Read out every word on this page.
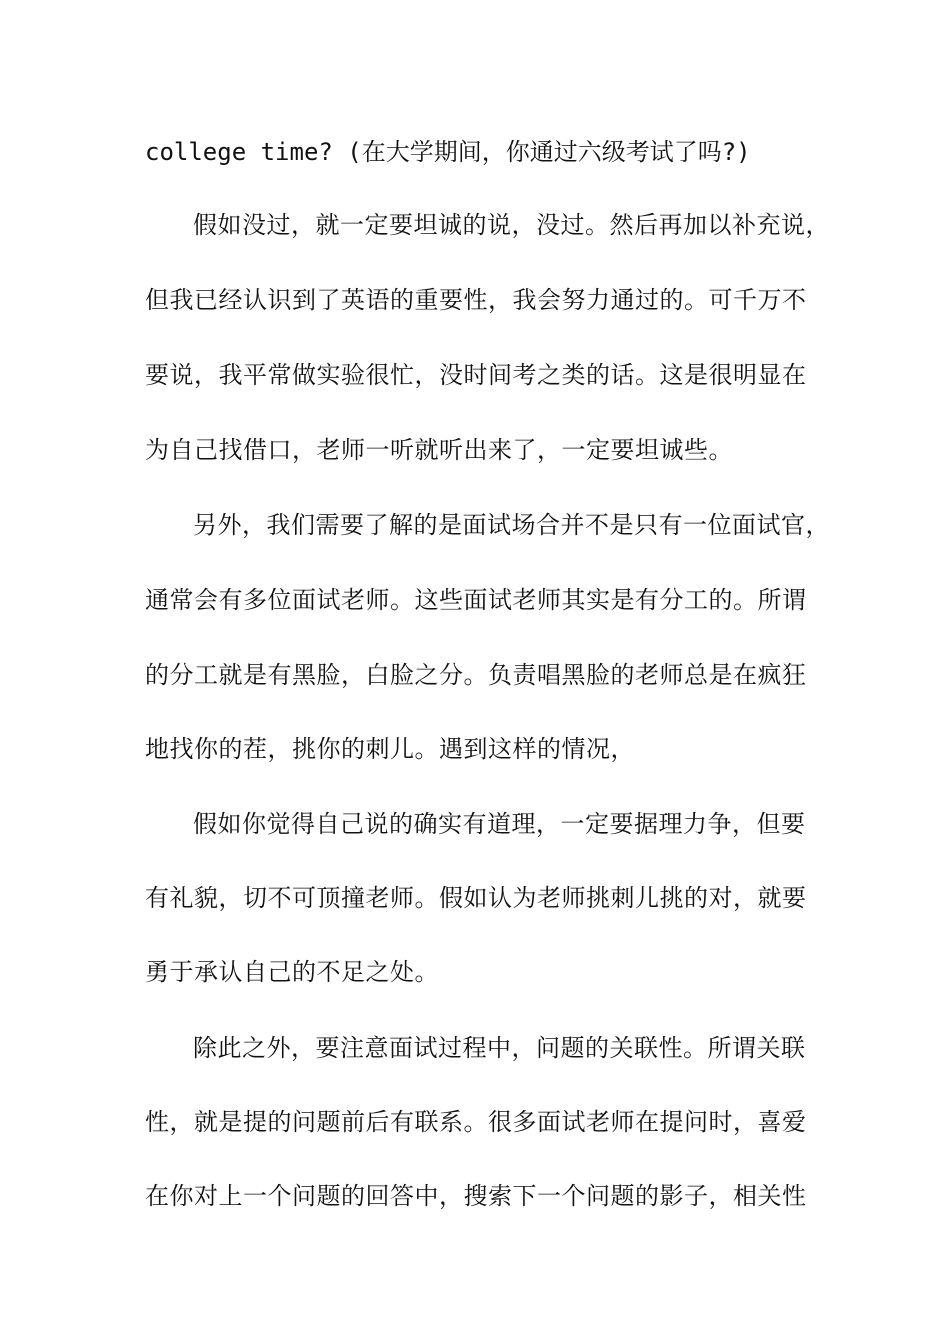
college time? (在大学期间，你通过六级考试了吗?)
假如没过，就一定要坦诚的说，没过。然后再加以补充说，
但我已经认识到了英语的重要性，我会努力通过的。可千万不
要说，我平常做实验很忙，没时间考之类的话。这是很明显在
为自己找借口，老师一听就听出来了，一定要坦诚些。
另外，我们需要了解的是面试场合并不是只有一位面试官，
通常会有多位面试老师。这些面试老师其实是有分工的。所谓
的分工就是有黑脸，白脸之分。负责唱黑脸的老师总是在疯狂
地找你的茬，挑你的刺儿。遇到这样的情况，
假如你觉得自己说的确实有道理，一定要据理力争，但要
有礼貌，切不可顶撞老师。假如认为老师挑刺儿挑的对，就要
勇于承认自己的不足之处。
除此之外，要注意面试过程中，问题的关联性。所谓关联
性，就是提的问题前后有联系。很多面试老师在提问时，喜爱
在你对上一个问题的回答中，搜索下一个问题的影子，相关性
